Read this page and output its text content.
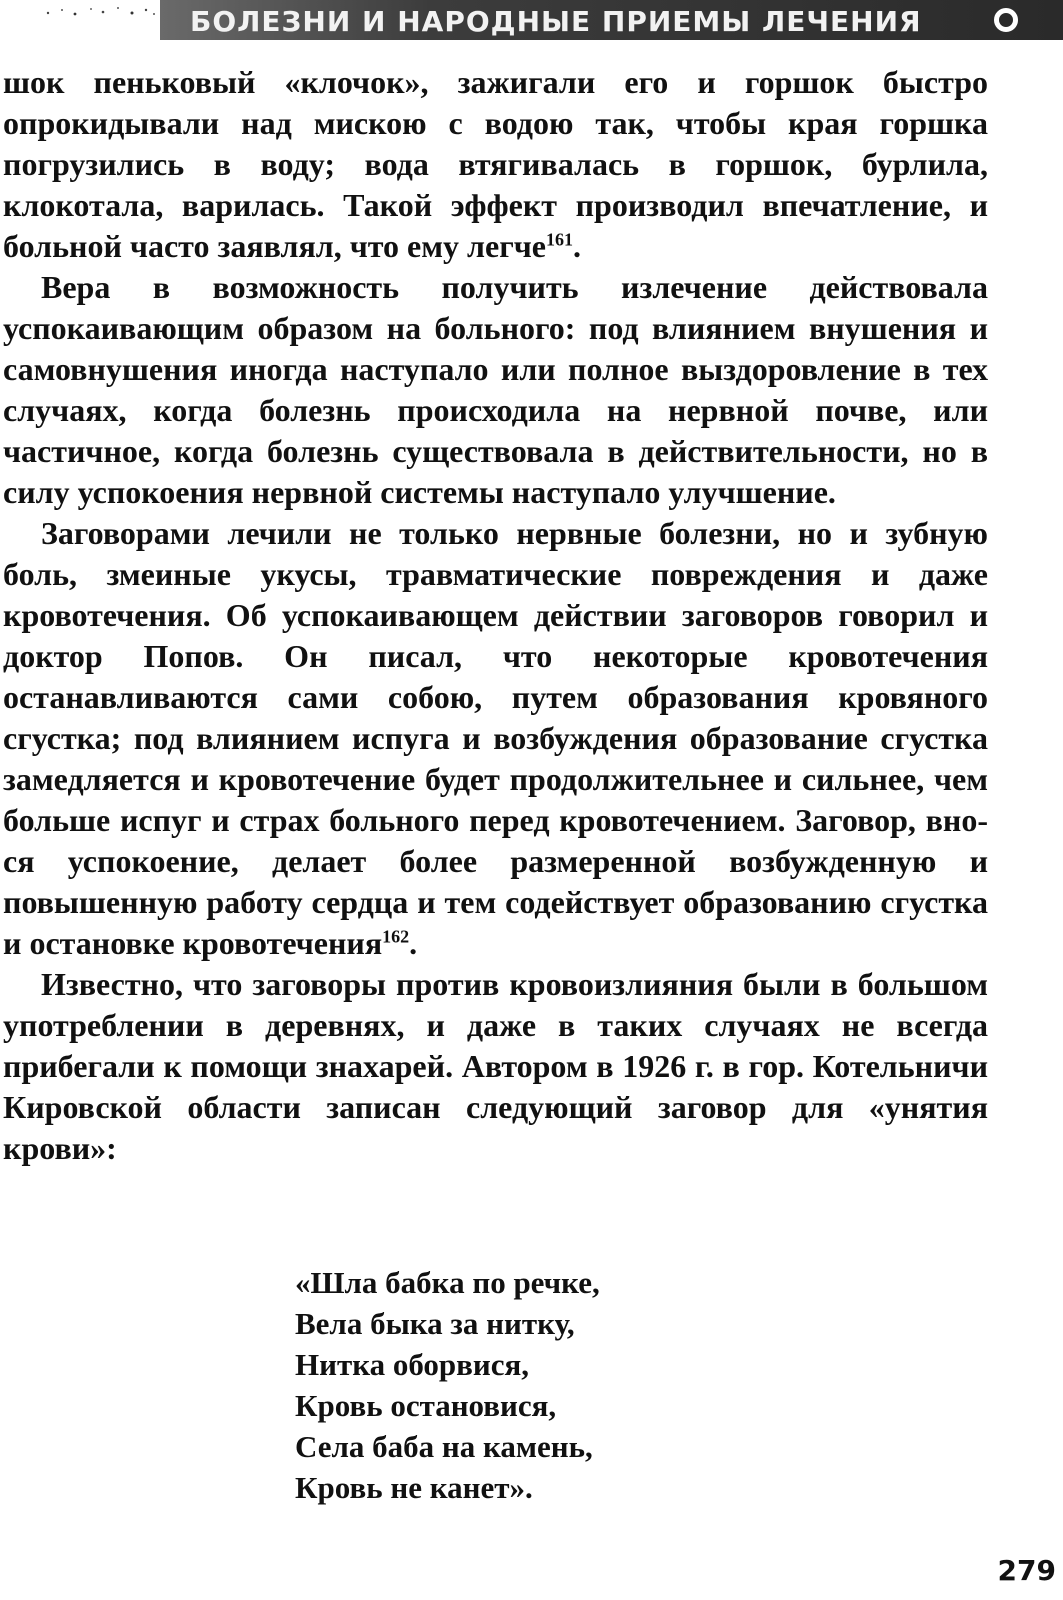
БОЛЕЗНИ И НАРОДНЫЕ ПРИЕМЫ ЛЕЧЕНИЯ

шок пеньковый «клочок», зажигали его и горшок быстро опрокидывали над мискою с водою так, чтобы края горшка погрузились в воду; вода втягивалась в горшок, бурлила, клокотала, варилась. Такой эффект производил впечатление, и больной часто заявлял, что ему легче$^{161}$.

Вера в возможность получить излечение действовала успокаивающим образом на больного: под влиянием внушения и самовнушения иногда наступало или полное выздоровление в тех случаях, когда болезнь происходила на нервной почве, или частичное, когда болезнь существовала в действительности, но в силу успокоения нервной системы наступало улучшение.

Заговорами лечили не только нервные болезни, но и зубную боль, змеиные укусы, травматические повреждения и даже кровотечения. Об успокаивающем действии заговоров говорил и доктор Попов. Он писал, что некоторые кровотечения останавливаются сами собою, путем образования кровяного сгустка; под влиянием испуга и возбуждения образование сгустка замедляется и кровотечение будет продолжительнее и сильнее, чем больше испуг и страх больного перед кровотечением. Заговор, внося успокоение, делает более размеренной возбужденную и повышенную работу сердца и тем содействует образованию сгустка и остановке кровотечения$^{162}$.

Известно, что заговоры против кровоизлияния были в большом употреблении в деревнях, и даже в таких случаях не всегда прибегали к помощи знахарей. Автором в 1926 г. в гор. Котельничи Кировской области записан следующий заговор для «унятия крови»:

«Шла бабка по речке,
Вела быка за нитку,
Нитка оборвися,
Кровь остановися,
Села баба на камень,
Кровь не канет».
279
